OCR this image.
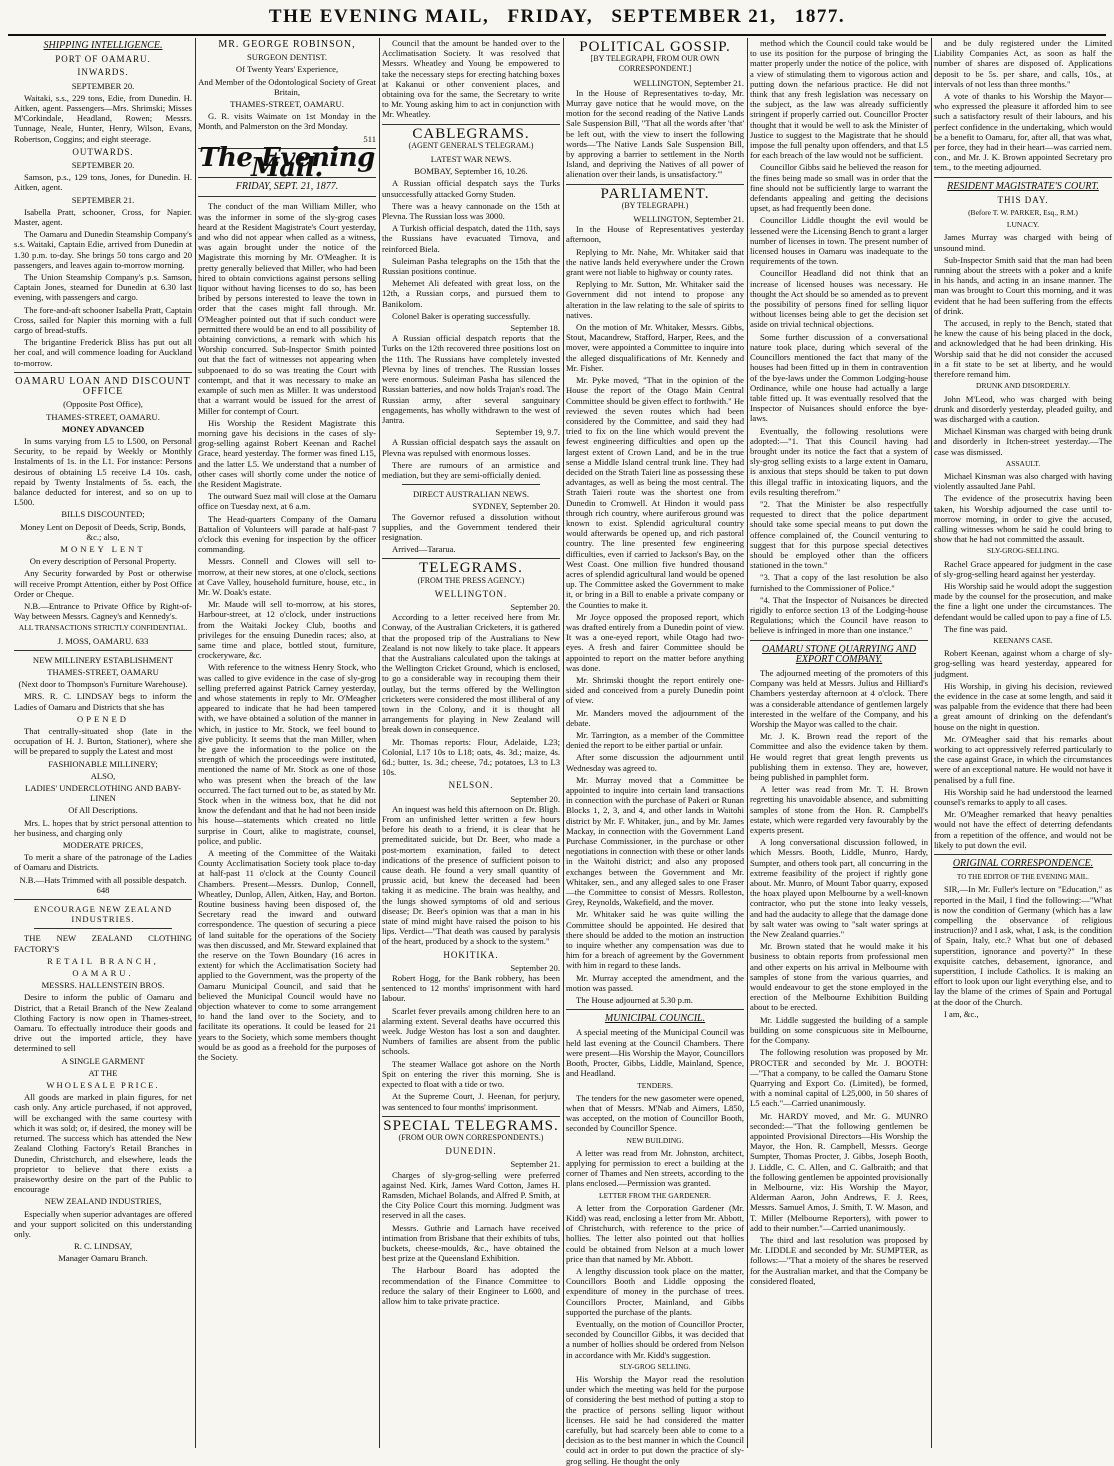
THE EVENING MAIL, FRIDAY, SEPTEMBER 21, 1877.
SHIPPING INTELLIGENCE.
PORT OF OAMARU.
INWARDS.
SEPTEMBER 20.

Waitaki, s.s., 229 tons, Edie, from Dunedin. H. Aitken, agent. Passengers—Mrs. Shrimski; Misses M'Corkindale, Headland, Rowen; Messrs. Tunnage, Neale, Hunter, Henry, Wilson, Evans, Robertson, Coggins; and eight steerage.

OUTWARDS.
SEPTEMBER 20.

Samson, p.s., 129 tons, Jones, for Dunedin. H. Aitken, agent.

SEPTEMBER 21.

Isabella Pratt, schooner, Cross, for Napier. Master, agent.

The Oamaru and Dunedin Steamship Company's s.s. Waitaki, Captain Edie, arrived from Dunedin at 1.30 p.m. to-day. She brings 50 tons cargo and 20 passengers, and leaves again to-morrow morning.

The Union Steamship Company's p.s. Samson, Captain Jones, steamed for Dunedin at 6.30 last evening, with passengers and cargo.

The fore-and-aft schooner Isabella Pratt, Captain Cross, sailed for Napier this morning with a full cargo of bread-stuffs.

The brigantine Frederick Bliss has put out all her coal, and will commence loading for Auckland to-morrow.

OAMARU LOAN AND DISCOUNT OFFICE
(Opposite Post Office),
THAMES-STREET, OAMARU.
MONEY ADVANCED

In sums varying from L5 to L500, on Personal Security, to be repaid by Weekly or Monthly Instalments of 1s. in the L1. For instance: Persons desirous of obtaining L5 receive L4 10s. cash, repaid by Twenty Instalments of 5s. each, the balance deducted for interest, and so on up to L500.

BILLS DISCOUNTED;
Money Lent on Deposit of Deeds, Scrip, Bonds, &c.; also,
MONEY LENT
On every description of Personal Property.

Any Security forwarded by Post or otherwise will receive Prompt Attention, either by Post Office Order or Cheque.

N.B.—Entrance to Private Office by Right-of-Way between Messrs. Cagney's and Kennedy's.

ALL TRANSACTIONS STRICTLY CONFIDENTIAL.
J. MOSS, OAMARU. 633
NEW MILLINERY ESTABLISHMENT
THAMES-STREET, OAMARU
(Next door to Thompson's Furniture Warehouse).

MRS. R. C. LINDSAY begs to inform the Ladies of Oamaru and Districts that she has

OPENED

That centrally-situated shop (late in the occupation of H. J. Burton, Stationer), where she will be prepared to supply the Latest and most

FASHIONABLE MILLINERY;
ALSO,
LADIES' UNDERCLOTHING AND BABY-LINEN
Of All Descriptions.

Mrs. L. hopes that by strict personal attention to her business, and charging only

MODERATE PRICES,

To merit a share of the patronage of the Ladies of Oamaru and Districts.

N.B.—Hats Trimmed with all possible despatch. 648
ENCOURAGE NEW ZEALAND INDUSTRIES.

THE NEW ZEALAND CLOTHING FACTORY'S

RETAIL BRANCH,
OAMARU.
MESSRS. HALLENSTEIN BROS.

Desire to inform the public of Oamaru and District, that a Retail Branch of the New Zealand Clothing Factory is now open in Thames-street, Oamaru. To effectually introduce their goods and drive out the imported article, they have determined to sell

A SINGLE GARMENT
AT THE
WHOLESALE PRICE.

All goods are marked in plain figures, for net cash only. Any article purchased, if not approved, will be exchanged with the same courtesy with which it was sold; or, if desired, the money will be returned. The success which has attended the New Zealand Clothing Factory's Retail Branches in Dunedin, Christchurch, and elsewhere, leads the proprietor to believe that there exists a praiseworthy desire on the part of the Public to encourage

NEW ZEALAND INDUSTRIES,

Especially when superior advantages are offered and your support solicited on this understanding only.

R. C. LINDSAY,
Manager Oamaru Branch.
MR. GEORGE ROBINSON,
SURGEON DENTIST.
Of Twenty Years' Experience,
And Member of the Odontological Society of Great Britain,
THAMES-STREET, OAMARU.

G. R. visits Waimate on 1st Monday in the Month, and Palmerston on the 3rd Monday.

511
The Evening Mail.
FRIDAY, SEPT. 21, 1877.

The conduct of the man William Miller, who was the informer in some of the sly-grog cases heard at the Resident Magistrate's Court yesterday, and who did not appear when called as a witness, was again brought under the notice of the Magistrate this morning by Mr. O'Meagher. It is pretty generally believed that Miller, who had been hired to obtain convictions against persons selling liquor without having licenses to do so, has been bribed by persons interested to leave the town in order that the cases might fall through. Mr. O'Meagher pointed out that if such conduct were permitted there would be an end to all possibility of obtaining convictions, a remark with which his Worship concurred. Sub-Inspector Smith pointed out that the fact of witnesses not appearing when subpoenaed to do so was treating the Court with contempt, and that it was necessary to make an example of such men as Miller. It was understood that a warrant would be issued for the arrest of Miller for contempt of Court.

His Worship the Resident Magistrate this morning gave his decisions in the cases of sly-grog-selling against Robert Keenan and Rachel Grace, heard yesterday. The former was fined L15, and the latter L5. We understand that a number of other cases will shortly come under the notice of the Resident Magistrate.

The outward Suez mail will close at the Oamaru office on Tuesday next, at 6 a.m.

The Head-quarters Company of the Oamaru Battalion of Volunteers will parade at half-past 7 o'clock this evening for inspection by the officer commanding.

Messrs. Connell and Clowes will sell to-morrow, at their new stores, at one o'clock, sections at Cave Valley, household furniture, house, etc., in Mr. W. Doak's estate.

Mr. Maude will sell to-morrow, at his stores, Harbour-street, at 12 o'clock, under instructions from the Waitaki Jockey Club, booths and privileges for the ensuing Dunedin races; also, at same time and place, bottled stout, furniture, crockeryware, &c.

With reference to the witness Henry Stock, who was called to give evidence in the case of sly-grog selling preferred against Patrick Carney yesterday, and whose statements in reply to Mr. O'Meagher appeared to indicate that he had been tampered with, we have obtained a solution of the manner in which, in justice to Mr. Stock, we feel bound to give publicity. It seems that the man Miller, when he gave the information to the police on the strength of which the proceedings were instituted, mentioned the name of Mr. Stock as one of those who was present when the breach of the law occurred. The fact turned out to be, as stated by Mr. Stock when in the witness box, that he did not know the defendant and that he had not been inside his house—statements which created no little surprise in Court, alike to magistrate, counsel, police, and public.

A meeting of the Committee of the Waitaki County Acclimatisation Society took place to-day at half-past 11 o'clock at the County Council Chambers. Present—Messrs. Dunlop, Connell, Wheatley, Dunlop, Allen, Aitken, Hay, and Borton. Routine business having been disposed of, the Secretary read the inward and outward correspondence. The question of securing a piece of land suitable for the operations of the Society was then discussed, and Mr. Steward explained that the reserve on the Town Boundary (16 acres in extent) for which the Acclimatisation Society had applied to the Government, was the property of the Oamaru Municipal Council, and said that he believed the Municipal Council would have no objection whatever to come to some arrangement to hand the land over to the Society, and to facilitate its operations. It could be leased for 21 years to the Society, which some members thought would be as good as a freehold for the purposes of the Society.

Council that the amount be handed over to the Acclimatisation Society. It was resolved that Messrs. Wheatley and Young be empowered to take the necessary steps for erecting hatching boxes at Kakanui or other convenient places, and obtaining ova for the same, the Secretary to write to Mr. Young asking him to act in conjunction with Mr. Wheatley.

CABLEGRAMS.
(AGENT GENERAL'S TELEGRAM.)
LATEST WAR NEWS.
BOMBAY, September 16, 10.26.

A Russian official despatch says the Turks unsuccessfully attacked Gorny Studen.

There was a heavy cannonade on the 15th at Plevna. The Russian loss was 3000.

A Turkish official despatch, dated the 11th, says the Russians have evacuated Tirnova, and reinforced Biela.

Suleiman Pasha telegraphs on the 15th that the Russian positions continue.

Mehemet Ali defeated with great loss, on the 12th, a Russian corps, and pursued them to Banikolom.

Colonel Baker is operating successfully.

September 18.

A Russian official despatch reports that the Turks on the 12th recovered three positions lost on the 11th. The Russians have completely invested Plevna by lines of trenches. The Russian losses were enormous. Suleiman Pasha has silenced the Russian batteries, and now holds Trajan's road. The Russian army, after several sanguinary engagements, has wholly withdrawn to the west of Jantra.

September 19, 9.7.

A Russian official despatch says the assault on Plevna was repulsed with enormous losses.

There are rumours of an armistice and mediation, but they are semi-officially denied.

DIRECT AUSTRALIAN NEWS.
SYDNEY, September 20.

The Governor refused a dissolution without supplies, and the Government tendered their resignation.

Arrived—Tararua.

TELEGRAMS.
(FROM THE PRESS AGENCY.)
WELLINGTON.
September 20.

According to a letter received here from Mr. Conway, of the Australian Cricketers, it is gathered that the proposed trip of the Australians to New Zealand is not now likely to take place. It appears that the Australians calculated upon the takings at the Wellington Cricket Ground, which is enclosed, to go a considerable way in recouping them their outlay, but the terms offered by the Wellington cricketers were considered the most illiberal of any town in the Colony, and it is thought all arrangements for playing in New Zealand will break down in consequence.

Mr. Thomas reports: Flour, Adelaide, L23; Colonial, L17 10s to L18; oats, 4s. 3d.; maize, 4s. 6d.; butter, 1s. 3d.; cheese, 7d.; potatoes, L3 to L3 10s.

NELSON.
September 20.

An inquest was held this afternoon on Dr. Bligh. From an unfinished letter written a few hours before his death to a friend, it is clear that he premeditated suicide, but Dr. Beer, who made a post-mortem examination, failed to detect indications of the presence of sufficient poison to cause death. He found a very small quantity of prussic acid, but knew the deceased had been taking it as medicine. The brain was healthy, and the lungs showed symptoms of old and serious disease; Dr. Beer's opinion was that a man in his state of mind might have raised the poison to his lips. Verdict—"That death was caused by paralysis of the heart, produced by a shock to the system."

HOKITIKA.
September 20.

Robert Hogg, for the Bank robbery, has been sentenced to 12 months' imprisonment with hard labour.

Scarlet fever prevails among children here to an alarming extent. Several deaths have occurred this week. Judge Weston has lost a son and daughter. Numbers of families are absent from the public schools.

The steamer Wallace got ashore on the North Spit on entering the river this morning. She is expected to float with a tide or two.

At the Supreme Court, J. Heenan, for perjury, was sentenced to four months' imprisonment.

SPECIAL TELEGRAMS.
(FROM OUR OWN CORRESPONDENTS.)
DUNEDIN.
September 21.

Charges of sly-grog-selling were preferred against Ned. Kirk, James Ward Cotton, James H. Ramsden, Michael Bolands, and Alfred P. Smith, at the City Police Court this morning. Judgment was reserved in all the cases.

Messrs. Guthrie and Larnach have received intimation from Brisbane that their exhibits of tubs, buckets, cheese-moulds, &c., have obtained the best prize at the Queensland Exhibition.

The Harbour Board has adopted the recommendation of the Finance Committee to reduce the salary of their Engineer to L600, and allow him to take private practice.

POLITICAL GOSSIP.
[BY TELEGRAPH, FROM OUR OWN CORRESPONDENT.]
WELLINGTON, September 21.

In the House of Representatives to-day, Mr. Murray gave notice that he would move, on the motion for the second reading of the Native Lands Sale Suspension Bill, "That all the words after 'that' be left out, with the view to insert the following words—'The Native Lands Sale Suspension Bill, by approving a barrier to settlement in the North Island, and depriving the Natives of all power of alienation over their lands, is unsatisfactory.'"

PARLIAMENT.
(BY TELEGRAPH.)
WELLINGTON, September 21.

In the House of Representatives yesterday afternoon,

Replying to Mr. Nahe, Mr. Whitaker said that the native lands held everywhere under the Crown grant were not liable to highway or county rates.

Replying to Mr. Sutton, Mr. Whitaker said the Government did not intend to propose any alteration in the law relating to the sale of spirits to natives.

On the motion of Mr. Whitaker, Messrs. Gibbs, Stout, Macandrew, Stafford, Harper, Rees, and the mover, were appointed a Committee to inquire into the alleged disqualifications of Mr. Kennedy and Mr. Fisher.

Mr. Pyke moved, "That in the opinion of the House the report of the Otago Main Central Committee should be given effect to forthwith." He reviewed the seven routes which had been considered by the Committee, and said they had tried to fix on the line which would prevent the fewest engineering difficulties and open up the largest extent of Crown Land, and be in the true sense a Middle Island central trunk line. They had decided on the Strath Taieri line as possessing these advantages, as well as being the most central. The Strath Taieri route was the shortest one from Dunedin to Cromwell. At Hindon it would pass through rich country, where auriferous ground was known to exist. Splendid agricultural country would afterwards be opened up, and rich pastoral country. The line presented few engineering difficulties, even if carried to Jackson's Bay, on the West Coast. One million five hundred thousand acres of splendid agricultural land would be opened up. The Committee asked the Government to make it, or bring in a Bill to enable a private company or the Counties to make it.

Mr Joyce opposed the proposed report, which was drafted entirely from a Dunedin point of view. It was a one-eyed report, while Otago had two-eyes. A fresh and fairer Committee should be appointed to report on the matter before anything was done.

Mr. Shrimski thought the report entirely one-sided and conceived from a purely Dunedin point of view.

Mr. Manders moved the adjournment of the debate.

Mr. Tarrington, as a member of the Committee denied the report to be either partial or unfair.

After some discussion the adjournment until Wednesday was agreed to.

Mr. Murray moved that a Committee be appointed to inquire into certain land transactions in connection with the purchase of Pakeri or Runan Blocks 1, 2, 3, and 4, and other lands in Waitohi district by Mr. F. Whitaker, jun., and by Mr. James Mackay, in connection with the Government Land Purchase Commissioner, in the purchase or other negotiations in connection with these or other lands in the Waitohi district; and also any proposed exchanges between the Government and Mr. Whitaker, sen., and any alleged sales to one Fraser—the Committee to consist of Messrs. Rolleston, Grey, Reynolds, Wakefield, and the mover.

Mr. Whitaker said he was quite willing the Committee should be appointed. He desired that there should be added to the motion an instruction to inquire whether any compensation was due to him for a breach of agreement by the Government with him in regard to these lands.

Mr. Murray accepted the amendment, and the motion was passed.

The House adjourned at 5.30 p.m.

MUNICIPAL COUNCIL.

A special meeting of the Municipal Council was held last evening at the Council Chambers. There were present—His Worship the Mayor, Councillors Booth, Procter, Gibbs, Liddle, Mainland, Spence, and Headland.

TENDERS.

The tenders for the new gasometer were opened, when that of Messrs. M'Nab and Aimers, L850, was accepted, on the motion of Councillor Booth, seconded by Councillor Spence.

NEW BUILDING.

A letter was read from Mr. Johnston, architect, applying for permission to erect a building at the corner of Thames and Nen streets, according to the plans enclosed.—Permission was granted.

LETTER FROM THE GARDENER.

A letter from the Corporation Gardener (Mr. Kidd) was read, enclosing a letter from Mr. Abbott, of Christchurch, with reference to the price of hollies. The letter also pointed out that hollies could be obtained from Nelson at a much lower price than that named by Mr. Abbott.

A lengthy discussion took place on the matter, Councillors Booth and Liddle opposing the expenditure of money in the purchase of trees. Councillors Procter, Mainland, and Gibbs supported the purchase of the plants.

Eventually, on the motion of Councillor Procter, seconded by Councillor Gibbs, it was decided that a number of hollies should be ordered from Nelson in accordance with Mr. Kidd's suggestion.

SLY-GROG SELLING.

His Worship the Mayor read the resolution under which the meeting was held for the purpose of considering the best method of putting a stop to the practice of persons selling liquor without licenses. He said he had considered the matter carefully, but had scarcely been able to come to a decision as to the best manner in which the Council could act in order to put down the practice of sly-grog selling. He thought the only

method which the Council could take would be to use its position for the purpose of bringing the matter properly under the notice of the police, with a view of stimulating them to vigorous action and putting down the nefarious practice. He did not think that any fresh legislation was necessary on the subject, as the law was already sufficiently stringent if properly carried out. Councillor Procter thought that it would be well to ask the Minister of Justice to suggest to the Magistrate that he should impose the full penalty upon offenders, and that L5 for each breach of the law would not be sufficient.

Councillor Gibbs said he believed the reason for the fines being made so small was in order that the fine should not be sufficiently large to warrant the defendants appealing and getting the decisions upset, as had frequently been done.

Councillor Liddle thought the evil would be lessened were the Licensing Bench to grant a larger number of licenses in town. The present number of licensed houses in Oamaru was inadequate to the requirements of the town.

Councillor Headland did not think that an increase of licensed houses was necessary. He thought the Act should be so amended as to prevent the possibility of persons fined for selling liquor without licenses being able to get the decision set aside on trivial technical objections.

Some further discussion of a conversational nature took place, during which several of the Councillors mentioned the fact that many of the houses had been fitted up in them in contravention of the bye-laws under the Common Lodging-house Ordinance, while one house had actually a large table fitted up. It was eventually resolved that the Inspector of Nuisances should enforce the bye-laws.

Eventually, the following resolutions were adopted:—"1. That this Council having had brought under its notice the fact that a system of sly-grog selling exists to a large extent in Oamaru, is anxious that steps should be taken to put down this illegal traffic in intoxicating liquors, and the evils resulting therefrom."

"2. That the Minister be also respectfully requested to direct that the police department should take some special means to put down the offence complained of, the Council venturing to suggest that for this purpose special detectives should be employed other than the officers stationed in the town."

"3. That a copy of the last resolution be also furnished to the Commissioner of Police."

"4. That the Inspector of Nuisances be directed rigidly to enforce section 13 of the Lodging-house Regulations; which the Council have reason to believe is infringed in more than one instance."

OAMARU STONE QUARRYING AND EXPORT COMPANY.

The adjourned meeting of the promoters of this Company was held at Messrs. Julius and Hilliard's Chambers yesterday afternoon at 4 o'clock. There was a considerable attendance of gentlemen largely interested in the welfare of the Company, and his Worship the Mayor was called to the chair.

Mr. J. K. Brown read the report of the Committee and also the evidence taken by them. He would regret that great length prevents us publishing them in extenso. They are, however, being published in pamphlet form.

A letter was read from Mr. T. H. Brown regretting his unavoidable absence, and submitting samples of stone from the Hon. R. Campbell's estate, which were regarded very favourably by the experts present.

A long conversational discussion followed, in which Messrs. Booth, Liddle, Munro, Hardy, Sumpter, and others took part, all concurring in the extreme feasibility of the project if rightly gone about. Mr. Munro, of Mount Tabor quarry, exposed the hoax played upon Melbourne by a well-known contractor, who put the stone into leaky vessels, and had the audacity to allege that the damage done by salt water was owing to "salt water springs at the New Zealand quarries."

Mr. Brown stated that he would make it his business to obtain reports from professional men and other experts on his arrival in Melbourne with samples of stone from the various quarries, and would endeavour to get the stone employed in the erection of the Melbourne Exhibition Building about to be erected.

Mr. Liddle suggested the building of a sample building on some conspicuous site in Melbourne, for the Company.

The following resolution was proposed by Mr. PROCTER and seconded by Mr. J. BOOTH:—"That a company, to be called the Oamaru Stone Quarrying and Export Co. (Limited), be formed, with a nominal capital of L25,000, in 50 shares of L5 each."—Carried unanimously.

Mr. HARDY moved, and Mr. G. MUNRO seconded:—"That the following gentlemen be appointed Provisional Directors—His Worship the Mayor, the Hon. R. Campbell, Messrs. George Sumpter, Thomas Procter, J. Gibbs, Joseph Booth, J. Liddle, C. C. Allen, and C. Galbraith; and that the following gentlemen be appointed provisionally in Melbourne, viz: His Worship the Mayor, Alderman Aaron, John Andrews, F. J. Rees, Messrs. Samuel Amos, J. Smith, T. W. Mason, and T. Miller (Melbourne Reporters), with power to add to their number."—Carried unanimously.

The third and last resolution was proposed by Mr. LIDDLE and seconded by Mr. SUMPTER, as follows:—"That a moiety of the shares be reserved for the Australian market, and that the Company be considered floated,

and be duly registered under the Limited Liability Companies Act, as soon as half the number of shares are disposed of. Applications deposit to be 5s. per share, and calls, 10s., at intervals of not less than three months."

A vote of thanks to his Worship the Mayor—who expressed the pleasure it afforded him to see such a satisfactory result of their labours, and his perfect confidence in the undertaking, which would be a benefit to Oamaru, for, after all, that was what, per force, they had in their heart—was carried nem. con., and Mr. J. K. Brown appointed Secretary pro tem., to the meeting adjourned.

RESIDENT MAGISTRATE'S COURT.
THIS DAY.
(Before T. W. PARKER, Esq., R.M.)
LUNACY.

James Murray was charged with being of unsound mind.

Sub-Inspector Smith said that the man had been running about the streets with a poker and a knife in his hands, and acting in an insane manner. The man was brought to Court this morning, and it was evident that he had been suffering from the effects of drink.

The accused, in reply to the Bench, stated that he knew the cause of his being placed in the dock, and acknowledged that he had been drinking. His Worship said that he did not consider the accused in a fit state to be set at liberty, and he would therefore remand him.

DRUNK AND DISORDERLY.

John M'Leod, who was charged with being drunk and disorderly yesterday, pleaded guilty, and was discharged with a caution.

Michael Kinsman was charged with being drunk and disorderly in Itchen-street yesterday.—The case was dismissed.

ASSAULT.

Michael Kinsman was also charged with having violently assaulted Jane Pahl.

The evidence of the prosecutrix having been taken, his Worship adjourned the case until to-morrow morning, in order to give the accused, calling witnesses whom he said he could bring to show that he had not committed the assault.

SLY-GROG-SELLING.

Rachel Grace appeared for judgment in the case of sly-grog-selling heard against her yesterday.

His Worship said he would adopt the suggestion made by the counsel for the prosecution, and make the fine a light one under the circumstances. The defendant would be called upon to pay a fine of L5.

The fine was paid.

KEENAN'S CASE.

Robert Keenan, against whom a charge of sly-grog-selling was heard yesterday, appeared for judgment.

His Worship, in giving his decision, reviewed the evidence in the case at some length, and said it was palpable from the evidence that there had been a great amount of drinking on the defendant's house on the night in question.

Mr. O'Meagher said that his remarks about working to act oppressively referred particularly to the case against Grace, in which the circumstances were of an exceptional nature. He would not have it penalised by a full fine.

His Worship said he had understood the learned counsel's remarks to apply to all cases.

Mr. O'Meagher remarked that heavy penalties would not have the effect of deterring defendants from a repetition of the offence, and would not be likely to put down the evil.

ORIGINAL CORRESPONDENCE.
TO THE EDITOR OF THE EVENING MAIL.

SIR,—In Mr. Fuller's lecture on "Education," as reported in the Mail, I find the following:—"What is now the condition of Germany (which has a law compelling the observance of religious instruction)? and I ask, what, I ask, is the condition of Spain, Italy, etc.? What but one of debased superstition, ignorance and poverty?" In these exquisite catches, debasement, ignorance, and superstition, I include Catholics. It is making an effort to look upon our light everything else, and to lay the blame of the crimes of Spain and Portugal at the door of the Church.

I am, &c.,
